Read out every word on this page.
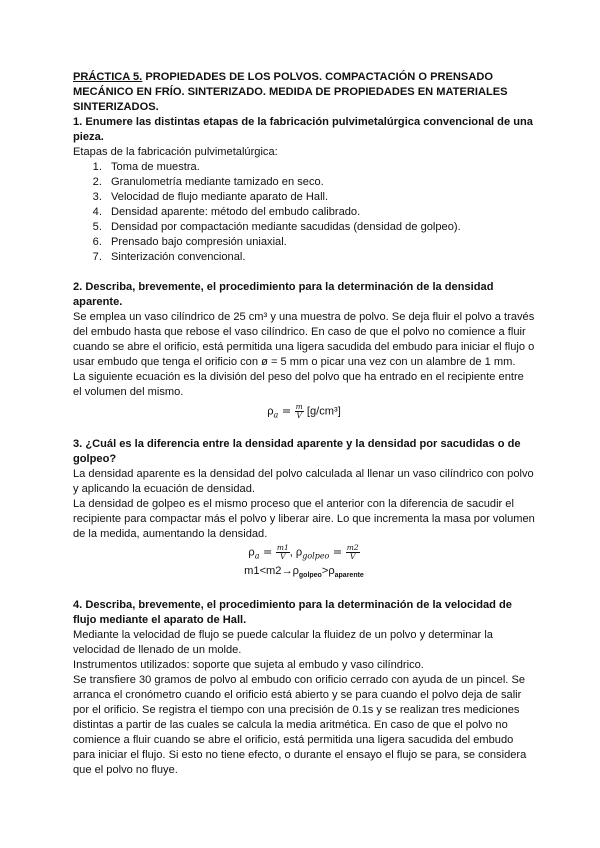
PRÁCTICA 5. PROPIEDADES DE LOS POLVOS. COMPACTACIÓN O PRENSADO MECÁNICO EN FRÍO. SINTERIZADO. MEDIDA DE PROPIEDADES EN MATERIALES SINTERIZADOS.

1. Enumere las distintas etapas de la fabricación pulvimetalúrgica convencional de una pieza.

Etapas de la fabricación pulvimetalúrgica:

1. Toma de muestra.
2. Granulometría mediante tamizado en seco.
3. Velocidad de flujo mediante aparato de Hall.
4. Densidad aparente: método del embudo calibrado.
5. Densidad por compactación mediante sacudidas (densidad de golpeo).
6. Prensado bajo compresión uniaxial.
7. Sinterización convencional.

2. Describa, brevemente, el procedimiento para la determinación de la densidad aparente.

Se emplea un vaso cilíndrico de 25 cm³ y una muestra de polvo. Se deja fluir el polvo a través del embudo hasta que rebose el vaso cilíndrico. En caso de que el polvo no comience a fluir cuando se abre el orificio, está permitida una ligera sacudida del embudo para iniciar el flujo o usar embudo que tenga el orificio con ø = 5 mm o picar una vez con un alambre de 1 mm.

La siguiente ecuación es la división del peso del polvo que ha entrado en el recipiente entre el volumen del mismo.

$\rho_a = \frac{m}{V} [g/cm^3]$

3. ¿Cuál es la diferencia entre la densidad aparente y la densidad por sacudidas o de golpeo?

La densidad aparente es la densidad del polvo calculada al llenar un vaso cilíndrico con polvo y aplicando la ecuación de densidad.

La densidad de golpeo es el mismo proceso que el anterior con la diferencia de sacudir el recipiente para compactar más el polvo y liberar aire. Lo que incrementa la masa por volumen de la medida, aumentando la densidad.

$\rho_a = \frac{m1}{V}$ , $\rho_{golpeo} = \frac{m2}{V}$

$m1<m2\to\rho_{golpeo}>\rho_{aparente}$

4. Describa, brevemente, el procedimiento para la determinación de la velocidad de flujo mediante el aparato de Hall.

Mediante la velocidad de flujo se puede calcular la fluidez de un polvo y determinar la velocidad de llenado de un molde.

Instrumentos utilizados: soporte que sujeta al embudo y vaso cilíndrico.

Se transfiere 30 gramos de polvo al embudo con orificio cerrado con ayuda de un pincel. Se arranca el cronómetro cuando el orificio está abierto y se para cuando el polvo deja de salir por el orificio. Se registra el tiempo con una precisión de 0.1s y se realizan tres mediciones distintas a partir de las cuales se calcula la media aritmética. En caso de que el polvo no comience a fluir cuando se abre el orificio, está permitida una ligera sacudida del embudo para iniciar el flujo. Si esto no tiene efecto, o durante el ensayo el flujo se para, se considera que el polvo no fluye.
